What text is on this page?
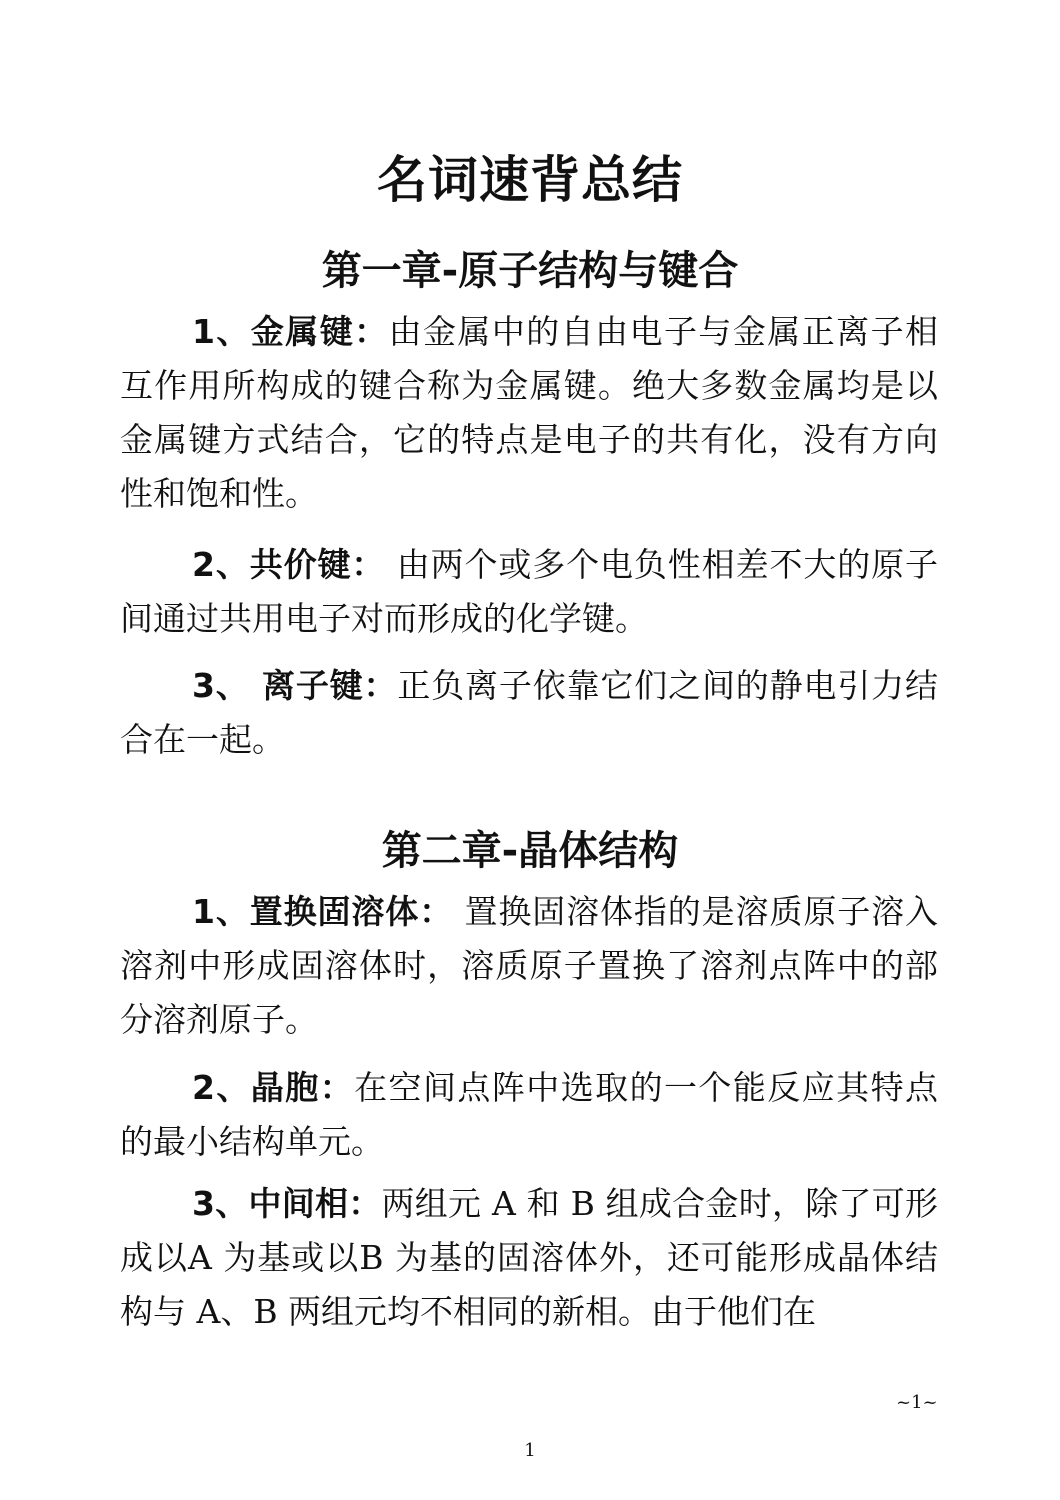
名词速背总结
第一章-原子结构与键合

1、金属键：由金属中的自由电子与金属正离子相互作用所构成的键合称为金属键。绝大多数金属均是以金属键方式结合，它的特点是电子的共有化，没有方向性和饱和性。

2、共价键： 由两个或多个电负性相差不大的原子间通过共用电子对而形成的化学键。

3、 离子键：正负离子依靠它们之间的静电引力结合在一起。

第二章-晶体结构

1、置换固溶体： 置换固溶体指的是溶质原子溶入溶剂中形成固溶体时，溶质原子置换了溶剂点阵中的部分溶剂原子。

2、晶胞：在空间点阵中选取的一个能反应其特点的最小结构单元。

3、中间相：两组元 A 和 B 组成合金时，除了可形成以A 为基或以B 为基的固溶体外，还可能形成晶体结构与 A、B 两组元均不相同的新相。由于他们在

~1~
1
